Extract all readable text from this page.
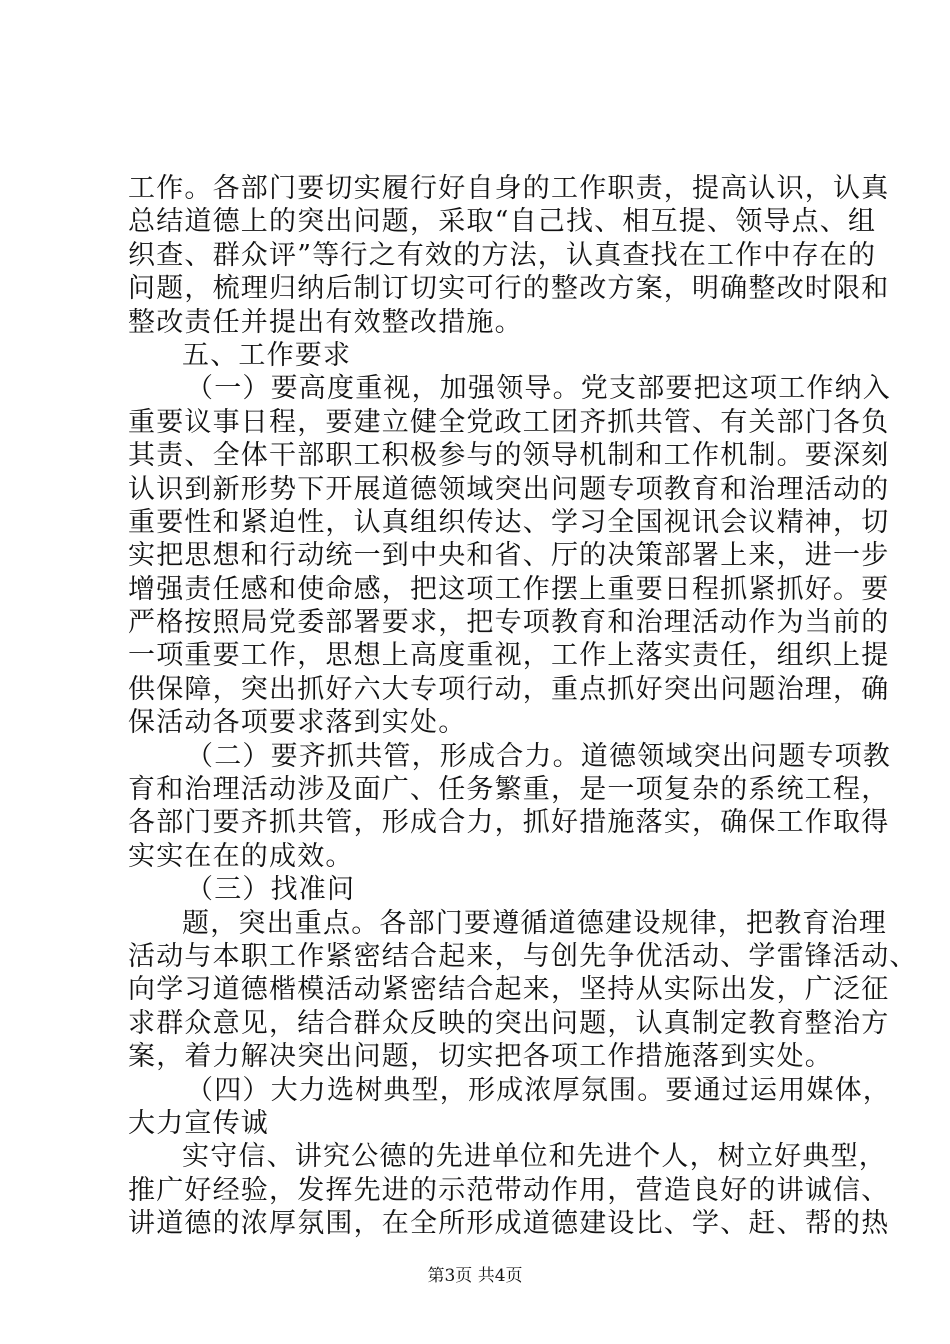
工作。各部门要切实履行好自身的工作职责，提高认识，认真
总结道德上的突出问题，采取“自己找、相互提、领导点、组
织查、群众评”等行之有效的方法，认真查找在工作中存在的
问题，梳理归纳后制订切实可行的整改方案，明确整改时限和
整改责任并提出有效整改措施。
五、工作要求
（一）要高度重视，加强领导。党支部要把这项工作纳入
重要议事日程，要建立健全党政工团齐抓共管、有关部门各负
其责、全体干部职工积极参与的领导机制和工作机制。要深刻
认识到新形势下开展道德领域突出问题专项教育和治理活动的
重要性和紧迫性，认真组织传达、学习全国视讯会议精神，切
实把思想和行动统一到中央和省、厅的决策部署上来，进一步
增强责任感和使命感，把这项工作摆上重要日程抓紧抓好。要
严格按照局党委部署要求，把专项教育和治理活动作为当前的
一项重要工作，思想上高度重视，工作上落实责任，组织上提
供保障，突出抓好六大专项行动，重点抓好突出问题治理，确
保活动各项要求落到实处。
（二）要齐抓共管，形成合力。道德领域突出问题专项教
育和治理活动涉及面广、任务繁重，是一项复杂的系统工程，
各部门要齐抓共管，形成合力，抓好措施落实，确保工作取得
实实在在的成效。
（三）找准问
题，突出重点。各部门要遵循道德建设规律，把教育治理
活动与本职工作紧密结合起来，与创先争优活动、学雷锋活动、
向学习道德楷模活动紧密结合起来，坚持从实际出发，广泛征
求群众意见，结合群众反映的突出问题，认真制定教育整治方
案，着力解决突出问题，切实把各项工作措施落到实处。
（四）大力选树典型，形成浓厚氛围。要通过运用媒体，
大力宣传诚
实守信、讲究公德的先进单位和先进个人，树立好典型，
推广好经验，发挥先进的示范带动作用，营造良好的讲诚信、
讲道德的浓厚氛围，在全所形成道德建设比、学、赶、帮的热
第3页 共4页
